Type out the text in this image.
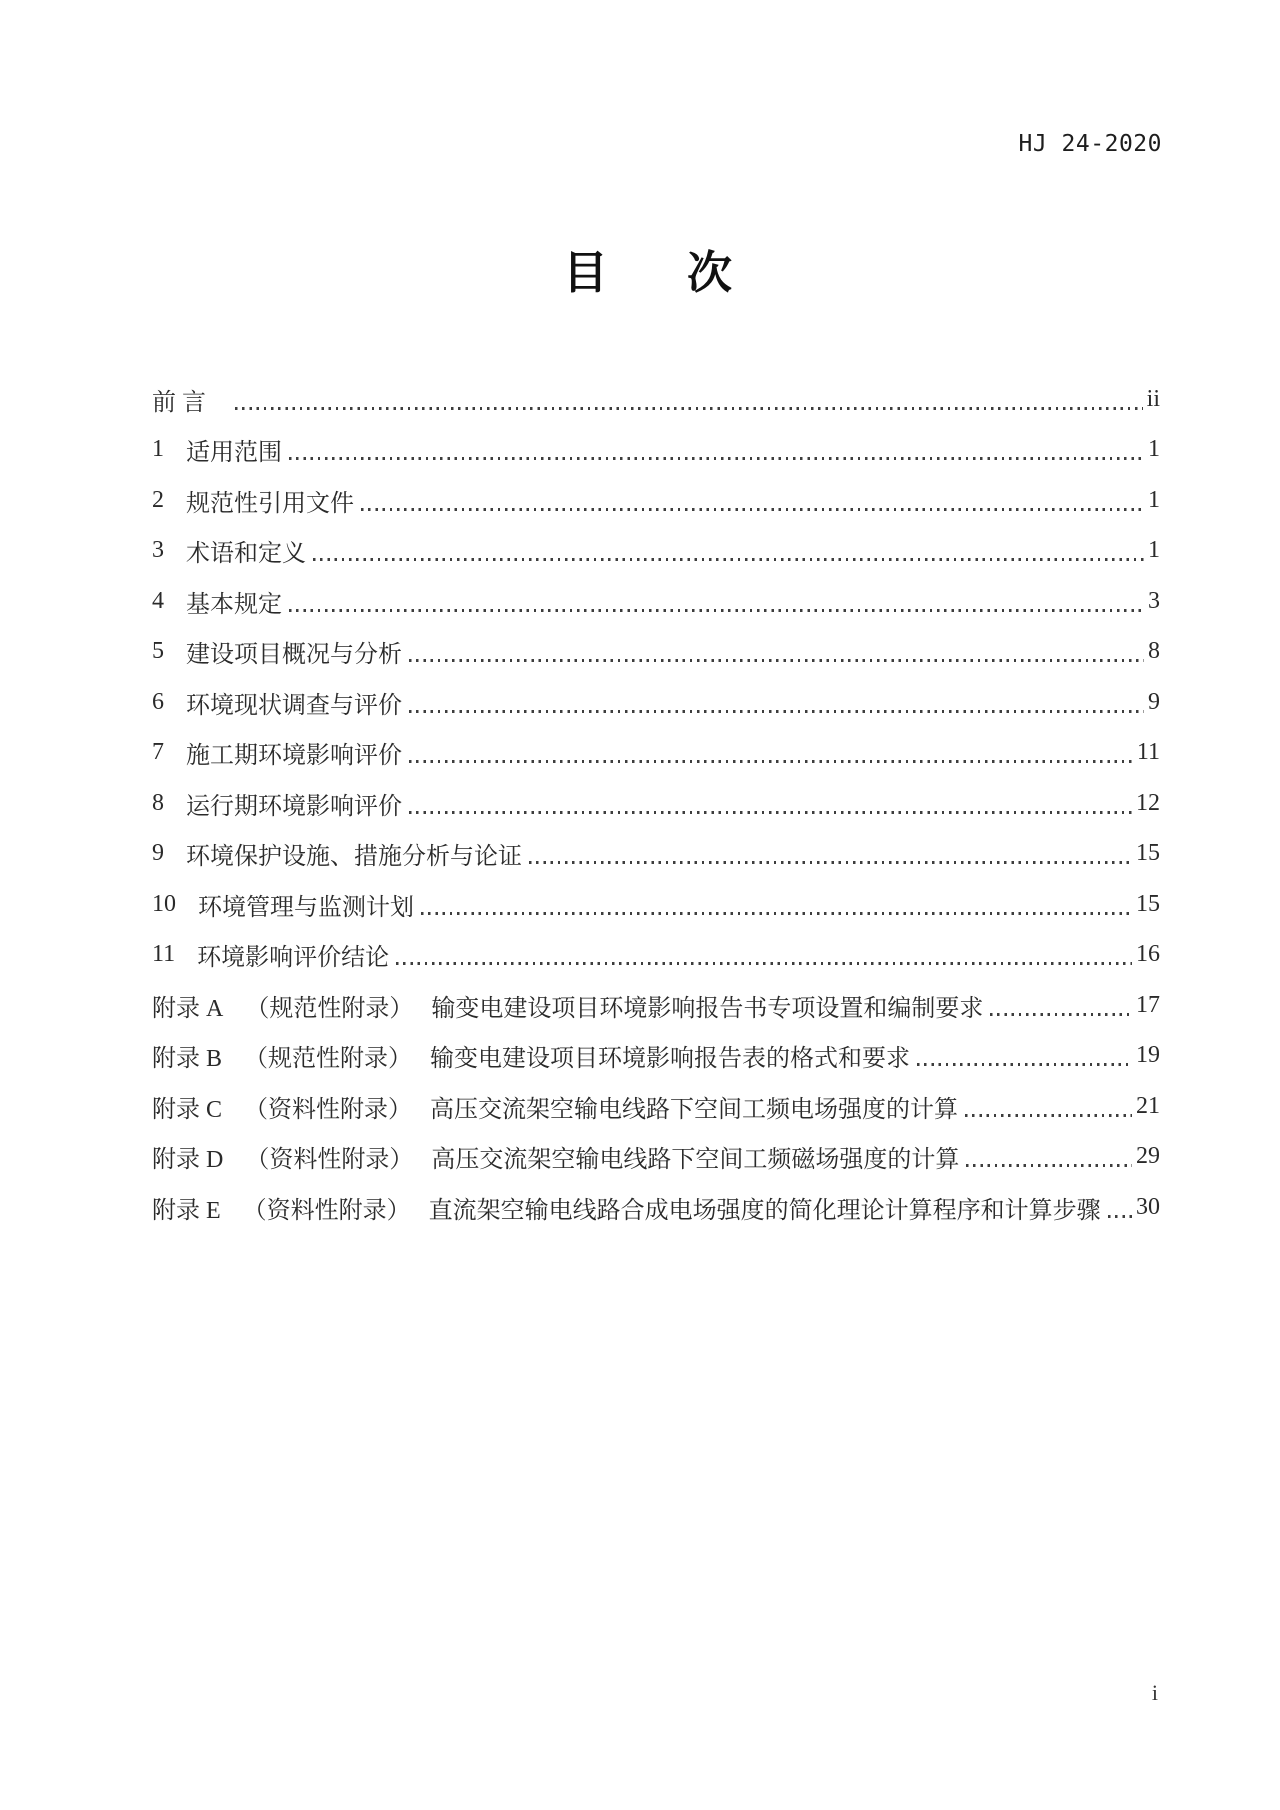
HJ 24-2020
目　次
前 言	ii
1 适用范围	1
2 规范性引用文件	1
3 术语和定义	1
4 基本规定	3
5 建设项目概况与分析	8
6 环境现状调查与评价	9
7 施工期环境影响评价	11
8 运行期环境影响评价	12
9 环境保护设施、措施分析与论证	15
10 环境管理与监测计划	15
11 环境影响评价结论	16
附录 A （规范性附录） 输变电建设项目环境影响报告书专项设置和编制要求	17
附录 B （规范性附录） 输变电建设项目环境影响报告表的格式和要求	19
附录 C （资料性附录） 高压交流架空输电线路下空间工频电场强度的计算	21
附录 D （资料性附录） 高压交流架空输电线路下空间工频磁场强度的计算	29
附录 E （资料性附录） 直流架空输电线路合成电场强度的简化理论计算程序和计算步骤 30
i
